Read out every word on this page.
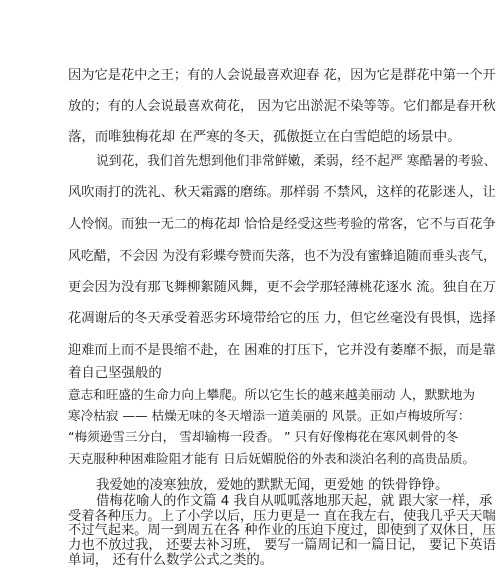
因为它是花中之王；有的人会说最喜欢迎春 花，因为它是群花中第一个开
放的；有的人会说最喜欢荷花， 因为它出淤泥不染等等。它们都是春开秋
落，而唯独梅花却 在严寒的冬天，孤傲挺立在白雪皑皑的场景中。
说到花，我们首先想到他们非常鲜嫩，柔弱，经不起严 寒酷暑的考验、
风吹雨打的洗礼、秋天霜露的磨练。那样弱 不禁风，这样的花影迷人，让
人怜悯。而独一无二的梅花却 恰恰是经受这些考验的常客，它不与百花争
风吃醋，不会因 为没有彩蝶夸赞而失落，也不为没有蜜蜂追随而垂头丧气，
更会因为没有那飞舞柳絮随风舞，更不会学那轻薄桃花逐水 流。独自在万
花凋谢后的冬天承受着恶劣环境带给它的压 力，但它丝毫没有畏惧，选择
迎难而上而不是畏缩不赴，在 困难的打压下，它并没有萎靡不振，而是靠
着自己坚强般的
意志和旺盛的生命力向上攀爬。所以它生长的越来越美丽动 人，默默地为
寒冷枯寂 —— 枯燥无味的冬天增添一道美丽的 风景。正如卢梅坡所写：
“梅须逊雪三分白， 雪却输梅一段香。 ” 只有好像梅花在寒风刺骨的冬
天克服种种困难险阻才能有 日后妩媚脱俗的外表和淡泊名利的高贵品质。
我爱她的凌寒独放，爱她的默默无闻，更爱她 的铁骨铮铮。
借梅花喻人的作文篇 4 我自从呱呱落地那天起，就 跟大家一样，承
受着各种压力。上了小学以后，压力更是一 直在我左右，使我几乎天天喘
不过气起来。周一到周五在各 种作业的压迫下度过，即使到了双休日，压
力也不放过我， 还要去补习班， 要写一篇周记和一篇日记， 要记下英语
单词， 还有什么数学公式之类的。
